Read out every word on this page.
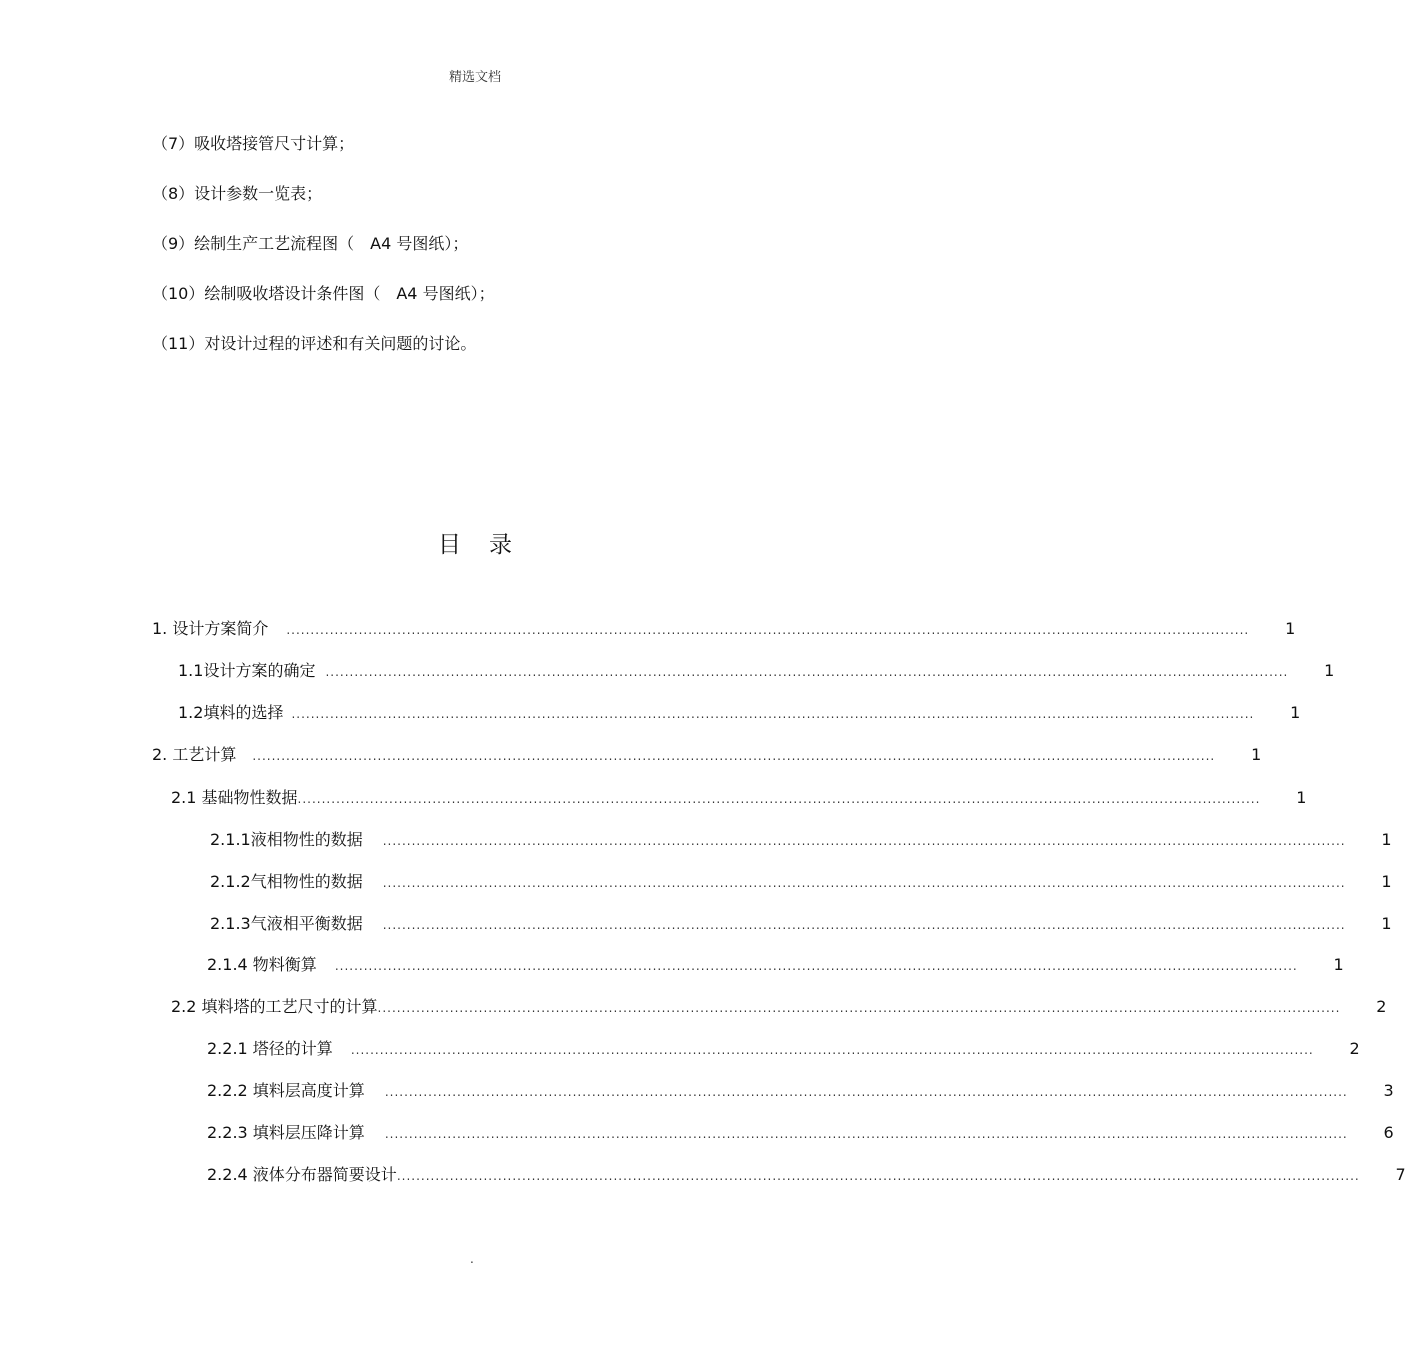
精选文档
（7）吸收塔接管尺寸计算；
（8）设计参数一览表；
（9）绘制生产工艺流程图（　A4 号图纸）；
（10）绘制吸收塔设计条件图（　A4 号图纸）；
（11）对设计过程的评述和有关问题的讨论。
目录
1. 设计方案简介 ........................................................................................................................................................................................................	1
1.1设计方案的确定 ........................................................................................................................................................................................................	1
1.2填料的选择 ........................................................................................................................................................................................................	1
2. 工艺计算 ........................................................................................................................................................................................................	1
2.1 基础物性数据 ........................................................................................................................................................................................................	1
2.1.1液相物性的数据 ........................................................................................................................................................................................................	1
2.1.2气相物性的数据 ........................................................................................................................................................................................................	1
2.1.3气液相平衡数据 ........................................................................................................................................................................................................	1
2.1.4 物料衡算 ........................................................................................................................................................................................................	1
2.2 填料塔的工艺尺寸的计算 ........................................................................................................................................................................................................	2
2.2.1 塔径的计算 ........................................................................................................................................................................................................	2
2.2.2 填料层高度计算 ........................................................................................................................................................................................................	3
2.2.3 填料层压降计算 ........................................................................................................................................................................................................	6
2.2.4 液体分布器简要设计 ........................................................................................................................................................................................................	7
.
